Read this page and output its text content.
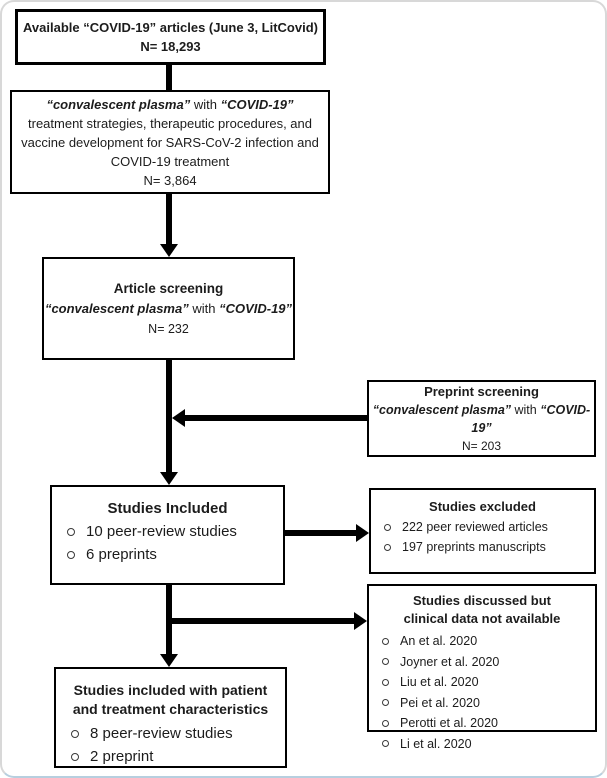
Available “COVID-19” articles (June 3, LitCovid)
N= 18,293
“convalescent plasma” with “COVID-19”
treatment strategies, therapeutic procedures, and
vaccine development for SARS-CoV-2 infection and
COVID-19 treatment
N= 3,864
Article screening
“convalescent plasma” with “COVID-19”
N= 232
Preprint screening
“convalescent plasma” with “COVID-19”
N= 203
Studies Included
10 peer-review studies
6 preprints
Studies excluded
222 peer reviewed articles
197 preprints manuscripts
Studies discussed but
clinical data not available
An et al. 2020
Joyner et al. 2020
Liu et al. 2020
Pei et al. 2020
Perotti et al. 2020
Li et al. 2020
Studies included with patient
and treatment characteristics
8 peer-review studies
2 preprint
